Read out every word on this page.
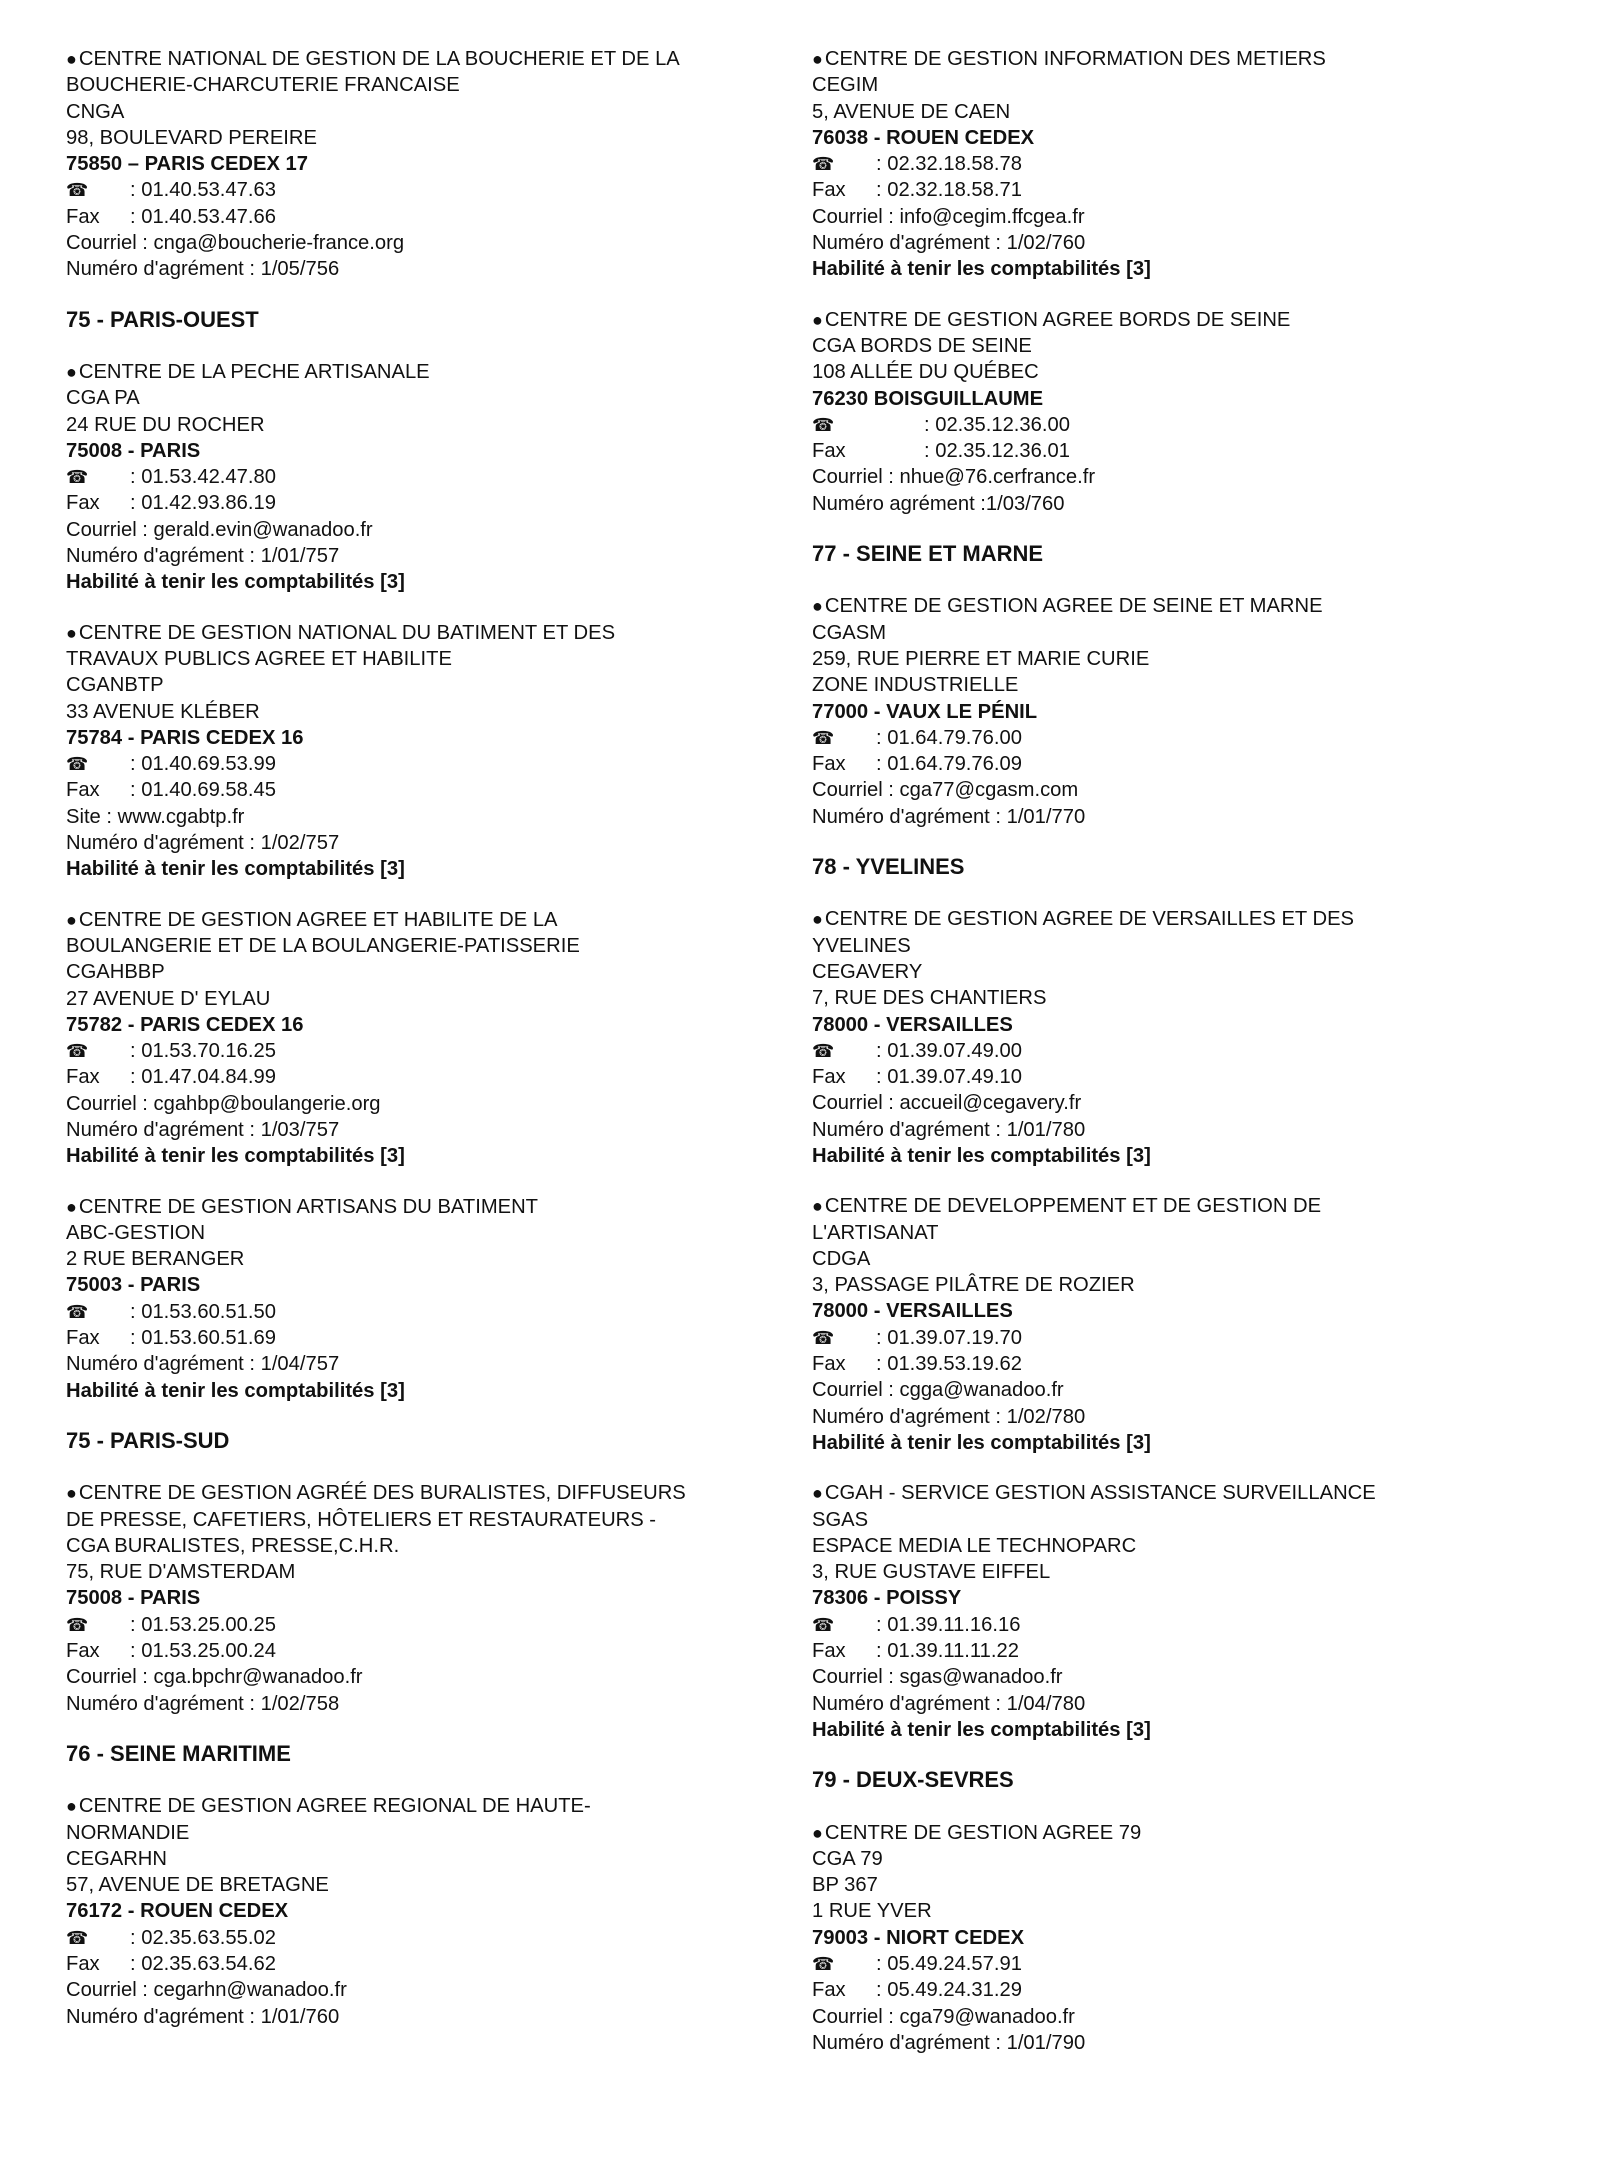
●CENTRE NATIONAL DE GESTION DE LA BOUCHERIE ET DE LA
BOUCHERIE-CHARCUTERIE FRANCAISE
CNGA
98, BOULEVARD PEREIRE
75850 – PARIS CEDEX 17
☎ : 01.40.53.47.63
Fax : 01.40.53.47.66
Courriel : cnga@boucherie-france.org
Numéro d'agrément : 1/05/756
75 - PARIS-OUEST
●CENTRE DE LA PECHE ARTISANALE
CGA PA
24 RUE DU ROCHER
75008 - PARIS
☎ : 01.53.42.47.80
Fax : 01.42.93.86.19
Courriel : gerald.evin@wanadoo.fr
Numéro d'agrément : 1/01/757
Habilité à tenir les comptabilités [3]
●CENTRE DE GESTION NATIONAL DU BATIMENT ET DES
TRAVAUX PUBLICS AGREE ET HABILITE
CGANBTP
33 AVENUE KLÉBER
75784 - PARIS CEDEX 16
☎ : 01.40.69.53.99
Fax : 01.40.69.58.45
Site : www.cgabtp.fr
Numéro d'agrément : 1/02/757
Habilité à tenir les comptabilités [3]
●CENTRE DE GESTION AGREE ET HABILITE DE LA
BOULANGERIE ET DE LA BOULANGERIE-PATISSERIE
CGAHBBP
27 AVENUE D' EYLAU
75782 - PARIS CEDEX 16
☎ : 01.53.70.16.25
Fax : 01.47.04.84.99
Courriel : cgahbp@boulangerie.org
Numéro d'agrément : 1/03/757
Habilité à tenir les comptabilités [3]
●CENTRE DE GESTION ARTISANS DU BATIMENT
ABC-GESTION
2 RUE BERANGER
75003 - PARIS
☎ : 01.53.60.51.50
Fax : 01.53.60.51.69
Numéro d'agrément : 1/04/757
Habilité à tenir les comptabilités [3]
75 - PARIS-SUD
●CENTRE DE GESTION AGRÉÉ DES BURALISTES, DIFFUSEURS
DE PRESSE, CAFETIERS, HÔTELIERS ET RESTAURATEURS -
CGA BURALISTES, PRESSE,C.H.R.
75, RUE D'AMSTERDAM
75008 - PARIS
☎ : 01.53.25.00.25
Fax : 01.53.25.00.24
Courriel : cga.bpchr@wanadoo.fr
Numéro d'agrément : 1/02/758
76 - SEINE MARITIME
●CENTRE DE GESTION AGREE REGIONAL DE HAUTE-
NORMANDIE
CEGARHN
57, AVENUE DE BRETAGNE
76172 - ROUEN CEDEX
☎ : 02.35.63.55.02
Fax : 02.35.63.54.62
Courriel : cegarhn@wanadoo.fr
Numéro d'agrément : 1/01/760
●CENTRE DE GESTION INFORMATION DES METIERS
CEGIM
5, AVENUE DE CAEN
76038 - ROUEN CEDEX
☎ : 02.32.18.58.78
Fax : 02.32.18.58.71
Courriel : info@cegim.ffcgea.fr
Numéro d'agrément : 1/02/760
Habilité à tenir les comptabilités [3]
●CENTRE DE GESTION AGREE BORDS DE SEINE
CGA BORDS DE SEINE
108 ALLÉE DU QUÉBEC
76230 BOISGUILLAUME
☎	: 02.35.12.36.00
Fax	: 02.35.12.36.01
Courriel : nhue@76.cerfrance.fr
Numéro agrément :1/03/760
77 - SEINE ET MARNE
●CENTRE DE GESTION AGREE DE SEINE ET MARNE
CGASM
259, RUE PIERRE ET MARIE CURIE
ZONE INDUSTRIELLE
77000 - VAUX LE PÉNIL
☎ : 01.64.79.76.00
Fax : 01.64.79.76.09
Courriel : cga77@cgasm.com
Numéro d'agrément : 1/01/770
78 - YVELINES
●CENTRE DE GESTION AGREE DE VERSAILLES ET DES
YVELINES
CEGAVERY
7, RUE DES CHANTIERS
78000 - VERSAILLES
☎ : 01.39.07.49.00
Fax : 01.39.07.49.10
Courriel : accueil@cegavery.fr
Numéro d'agrément : 1/01/780
Habilité à tenir les comptabilités [3]
●CENTRE DE DEVELOPPEMENT ET DE GESTION DE
L'ARTISANAT
CDGA
3, PASSAGE PILÂTRE DE ROZIER
78000 - VERSAILLES
☎ : 01.39.07.19.70
Fax : 01.39.53.19.62
Courriel : cgga@wanadoo.fr
Numéro d'agrément : 1/02/780
Habilité à tenir les comptabilités [3]
●CGAH - SERVICE GESTION ASSISTANCE SURVEILLANCE
SGAS
ESPACE MEDIA LE TECHNOPARC
3, RUE GUSTAVE EIFFEL
78306 - POISSY
☎ : 01.39.11.16.16
Fax : 01.39.11.11.22
Courriel : sgas@wanadoo.fr
Numéro d'agrément : 1/04/780
Habilité à tenir les comptabilités [3]
79 - DEUX-SEVRES
●CENTRE DE GESTION AGREE 79
CGA 79
BP 367
1 RUE YVER
79003 - NIORT CEDEX
☎ : 05.49.24.57.91
Fax : 05.49.24.31.29
Courriel : cga79@wanadoo.fr
Numéro d'agrément : 1/01/790
